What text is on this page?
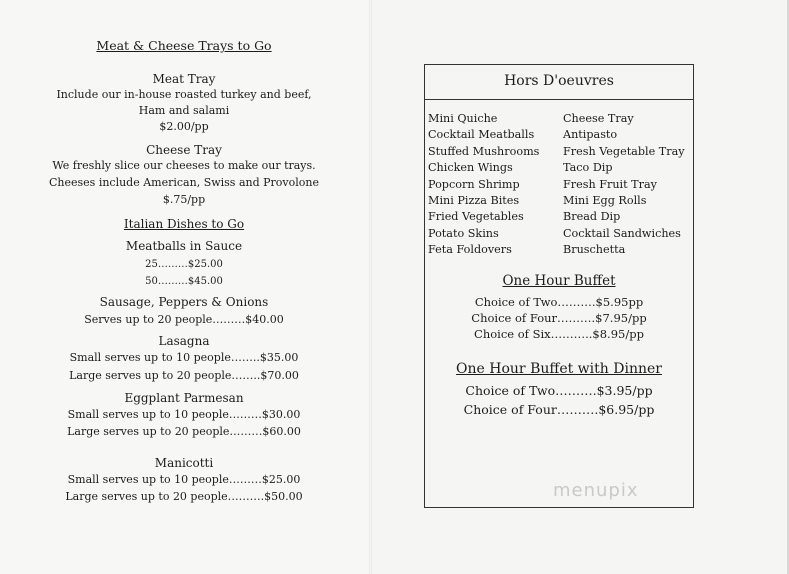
Meat & Cheese Trays to Go
Meat Tray
Include our in-house roasted turkey and beef,
Ham and salami
$2.00/pp
Cheese Tray
We freshly slice our cheeses to make our trays.
Cheeses include American, Swiss and Provolone
$.75/pp
Italian Dishes to Go
Meatballs in Sauce
25………$25.00
50………$45.00
Sausage, Peppers & Onions
Serves up to 20 people………$40.00
Lasagna
Small serves up to 10 people……..$35.00
Large serves up to 20 people……..$70.00
Eggplant Parmesan
Small serves up to 10 people………$30.00
Large serves up to 20 people………$60.00
Manicotti
Small serves up to 10 people………$25.00
Large serves up to 20 people……….$50.00
Hors D'oeuvres
Mini Quiche
Cocktail Meatballs
Stuffed Mushrooms
Chicken Wings
Popcorn Shrimp
Mini Pizza Bites
Fried Vegetables
Potato Skins
Feta Foldovers
Cheese Tray
Antipasto
Fresh Vegetable Tray
Taco Dip
Fresh Fruit Tray
Mini Egg Rolls
Bread Dip
Cocktail Sandwiches
Bruschetta
One Hour Buffet
Choice of Two……….$5.95pp
Choice of Four……….$7.95/pp
Choice of Six………..$8.95/pp
One Hour Buffet with Dinner
Choice of Two……….$3.95/pp
Choice of Four……….$6.95/pp
menupix
